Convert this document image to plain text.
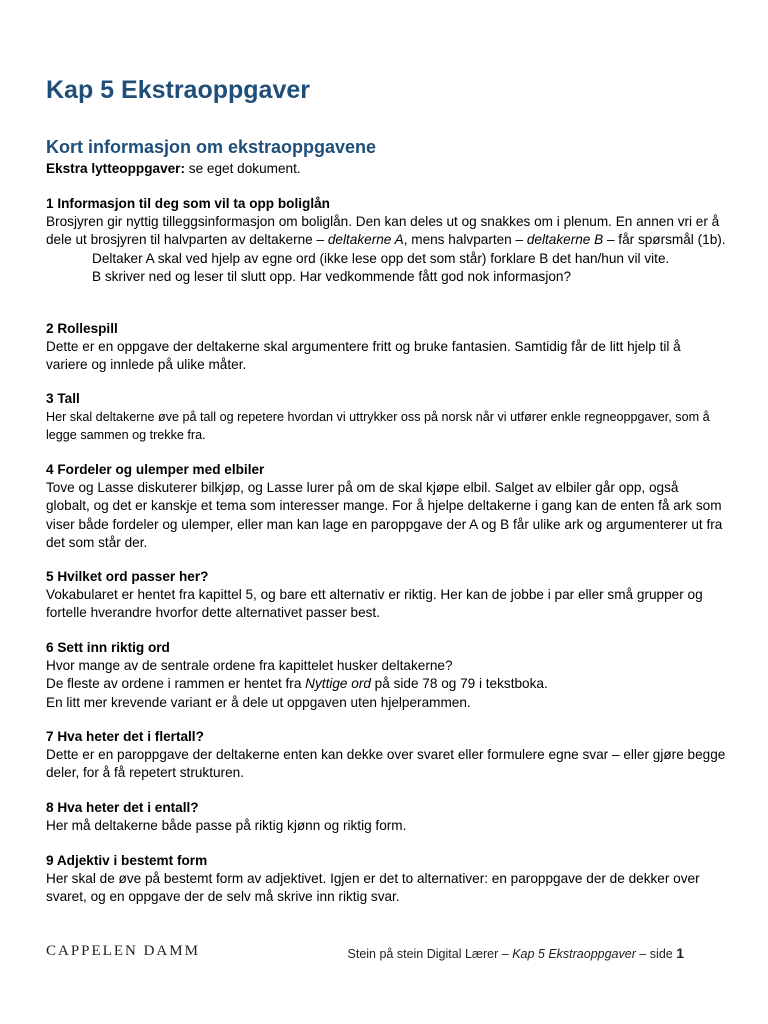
Kap 5 Ekstraoppgaver
Kort informasjon om ekstraoppgavene
Ekstra lytteoppgaver: se eget dokument.
1 Informasjon til deg som vil ta opp boliglån
Brosjyren gir nyttig tilleggsinformasjon om boliglån. Den kan deles ut og snakkes om i plenum. En annen vri er å dele ut brosjyren til halvparten av deltakerne – deltakerne A, mens halvparten – deltakerne B – får spørsmål (1b).
Deltaker A skal ved hjelp av egne ord (ikke lese opp det som står) forklare B det han/hun vil vite.
B skriver ned og leser til slutt opp. Har vedkommende fått god nok informasjon?
2 Rollespill
Dette er en oppgave der deltakerne skal argumentere fritt og bruke fantasien. Samtidig får de litt hjelp til å variere og innlede på ulike måter.
3 Tall
Her skal deltakerne øve på tall og repetere hvordan vi uttrykker oss på norsk når vi utfører enkle regneoppgaver, som å legge sammen og trekke fra.
4 Fordeler og ulemper med elbiler
Tove og Lasse diskuterer bilkjøp, og Lasse lurer på om de skal kjøpe elbil. Salget av elbiler går opp, også globalt, og det er kanskje et tema som interesser mange. For å hjelpe deltakerne i gang kan de enten få ark som viser både fordeler og ulemper, eller man kan lage en paroppgave der A og B får ulike ark og argumenterer ut fra det som står der.
5 Hvilket ord passer her?
Vokabularet er hentet fra kapittel 5, og bare ett alternativ er riktig. Her kan de jobbe i par eller små grupper og fortelle hverandre hvorfor dette alternativet passer best.
6 Sett inn riktig ord
Hvor mange av de sentrale ordene fra kapittelet husker deltakerne?
De fleste av ordene i rammen er hentet fra Nyttige ord på side 78 og 79 i tekstboka.
En litt mer krevende variant er å dele ut oppgaven uten hjelperammen.
7 Hva heter det i flertall?
Dette er en paroppgave der deltakerne enten kan dekke over svaret eller formulere egne svar – eller gjøre begge deler, for å få repetert strukturen.
8 Hva heter det i entall?
Her må deltakerne både passe på riktig kjønn og riktig form.
9 Adjektiv i bestemt form
Her skal de øve på bestemt form av adjektivet. Igjen er det to alternativer: en paroppgave der de dekker over svaret, og en oppgave der de selv må skrive inn riktig svar.
CAPPELEN DAMM	Stein på stein Digital Lærer – Kap 5 Ekstraoppgaver – side 1
